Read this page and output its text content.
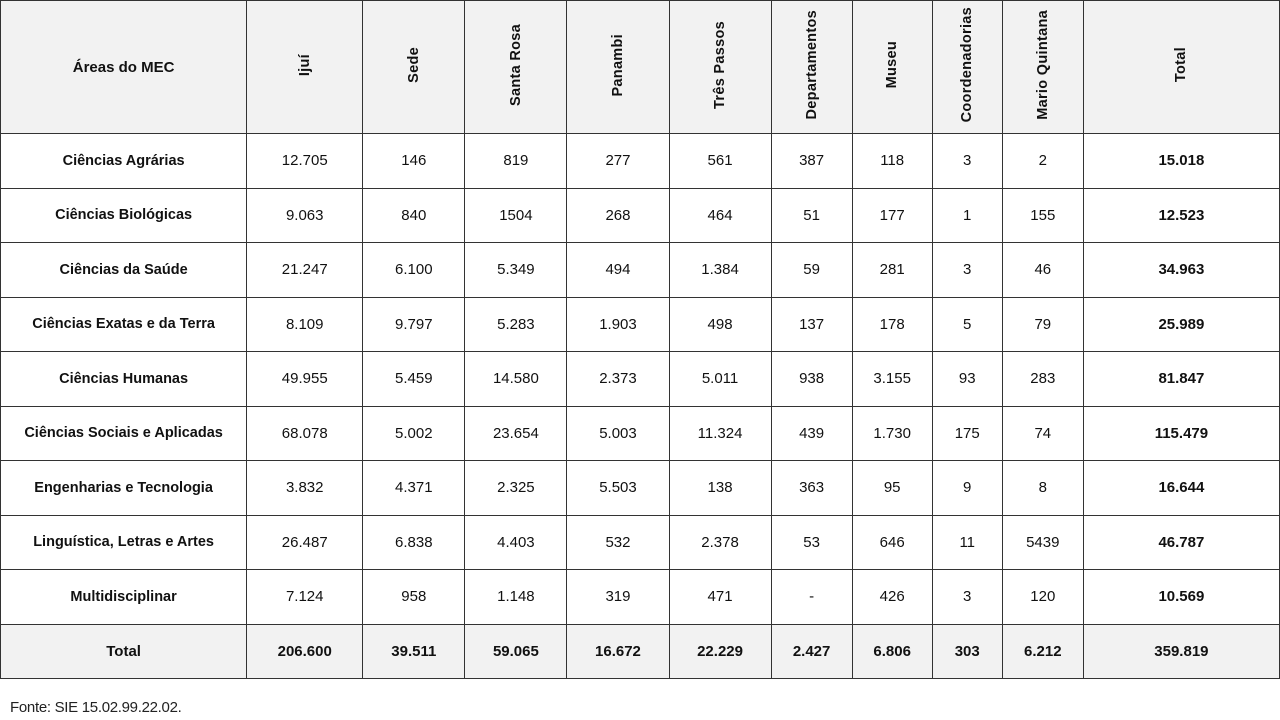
Áreas do MEC	Ijuí	Sede	Santa Rosa	Panambi	Três Passos	Departamentos	Museu	Coordenadorias	Mario Quintana	Total
Ciências Agrárias	12.705	146	819	277	561	387	118	3	2	15.018
Ciências Biológicas	9.063	840	1504	268	464	51	177	1	155	12.523
Ciências da Saúde	21.247	6.100	5.349	494	1.384	59	281	3	46	34.963
Ciências Exatas e da Terra	8.109	9.797	5.283	1.903	498	137	178	5	79	25.989
Ciências Humanas	49.955	5.459	14.580	2.373	5.011	938	3.155	93	283	81.847
Ciências Sociais e Aplicadas	68.078	5.002	23.654	5.003	11.324	439	1.730	175	74	115.479
Engenharias e Tecnologia	3.832	4.371	2.325	5.503	138	363	95	9	8	16.644
Linguística, Letras e Artes	26.487	6.838	4.403	532	2.378	53	646	11	5439	46.787
Multidisciplinar	7.124	958	1.148	319	471	-	426	3	120	10.569
Total	206.600	39.511	59.065	16.672	22.229	2.427	6.806	303	6.212	359.819
Fonte: SIE 15.02.99.22.02.
